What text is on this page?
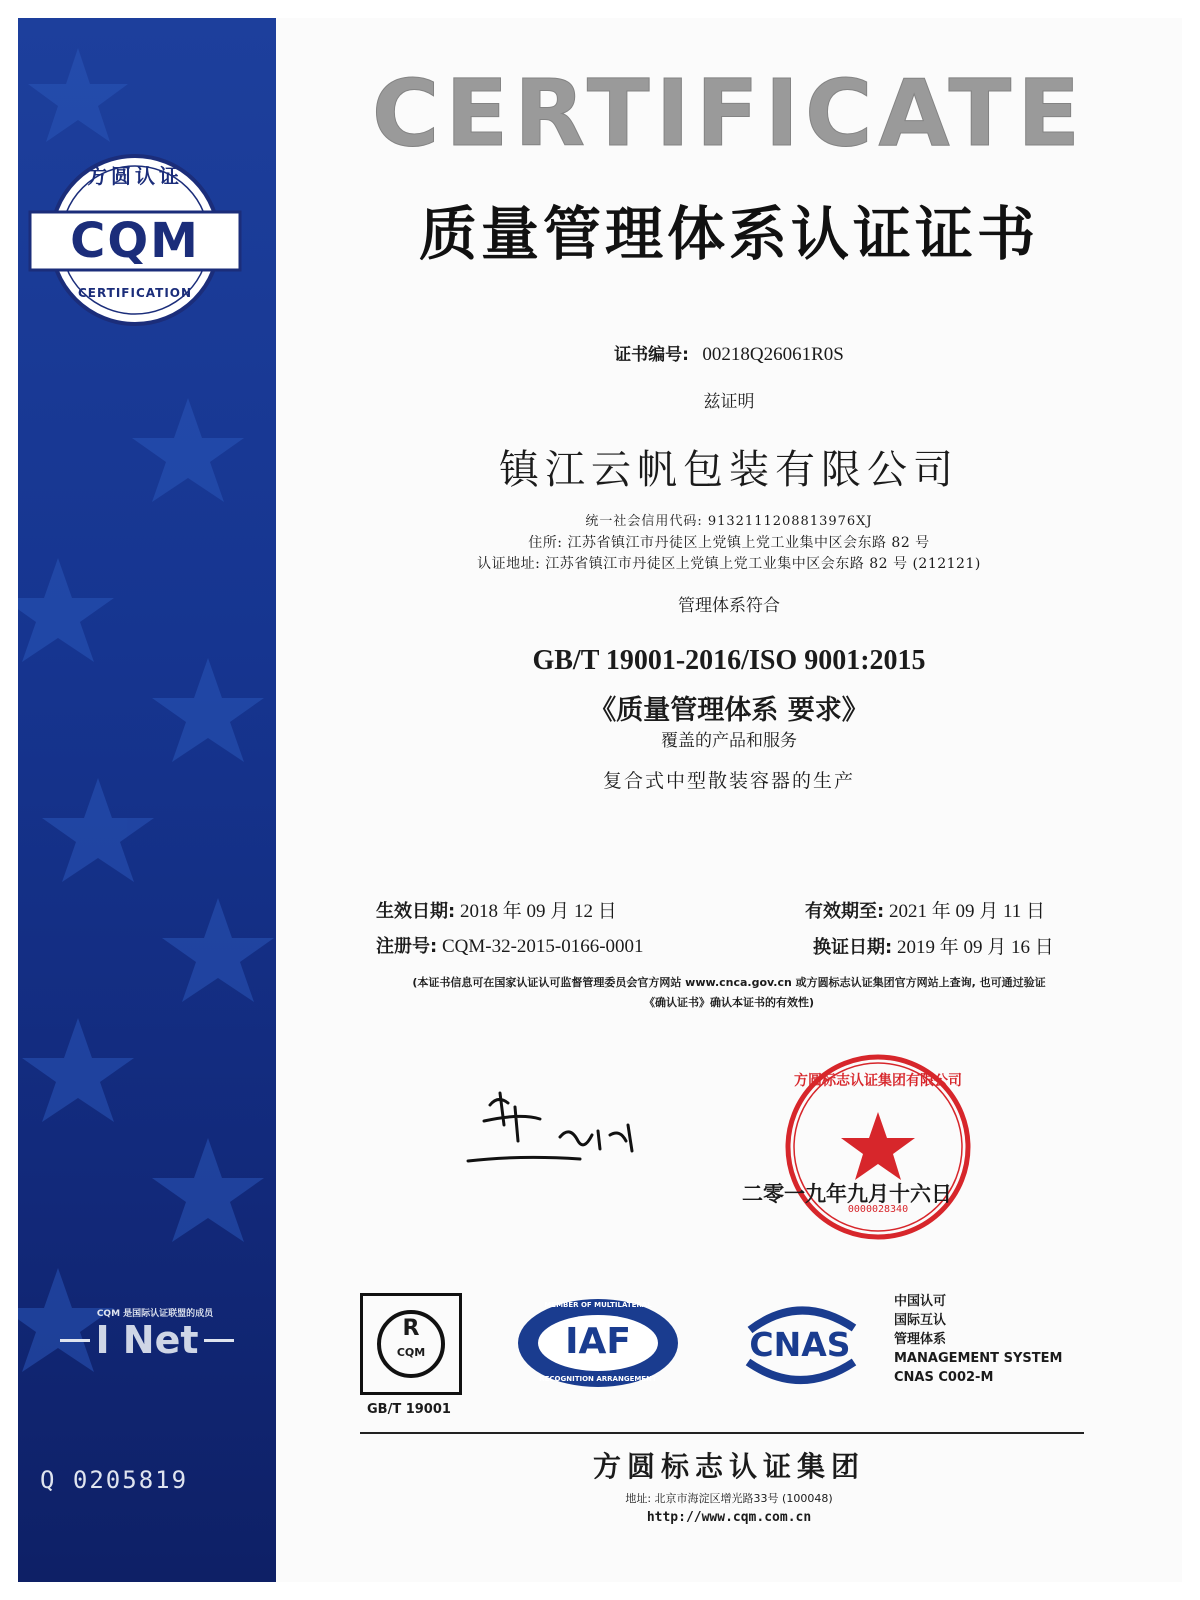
方圆认证
CQM
CERTIFICATION
CQM 是国际认证联盟的成员
I Net
Q 0205819
CERTIFICATE
质量管理体系认证证书
证书编号: 00218Q26061R0S
兹证明
镇江云帆包装有限公司
统一社会信用代码: 9132111208813976XJ
住所: 江苏省镇江市丹徒区上党镇上党工业集中区会东路 82 号
认证地址: 江苏省镇江市丹徒区上党镇上党工业集中区会东路 82 号 (212121)
管理体系符合
GB/T 19001-2016/ISO 9001:2015
《质量管理体系 要求》
覆盖的产品和服务
复合式中型散装容器的生产
生效日期: 2018 年 09 月 12 日	有效期至: 2021 年 09 月 11 日
注册号: CQM-32-2015-0166-0001	换证日期: 2019 年 09 月 16 日
(本证书信息可在国家认证认可监督管理委员会官方网站 www.cnca.gov.cn 或方圆标志认证集团官方网站上查询, 也可通过验证
《确认证书》确认本证书的有效性)
方圆标志认证集团有限公司
0000028340
二零一九年九月十六日
R
CQM
GB/T 19001
MEMBER OF MULTILATERAL
IAF
RECOGNITION ARRANGEMENT
CNAS
中国认可
国际互认
管理体系
MANAGEMENT SYSTEM
CNAS C002-M
方圆标志认证集团
地址: 北京市海淀区增光路33号 (100048)
http://www.cqm.com.cn
